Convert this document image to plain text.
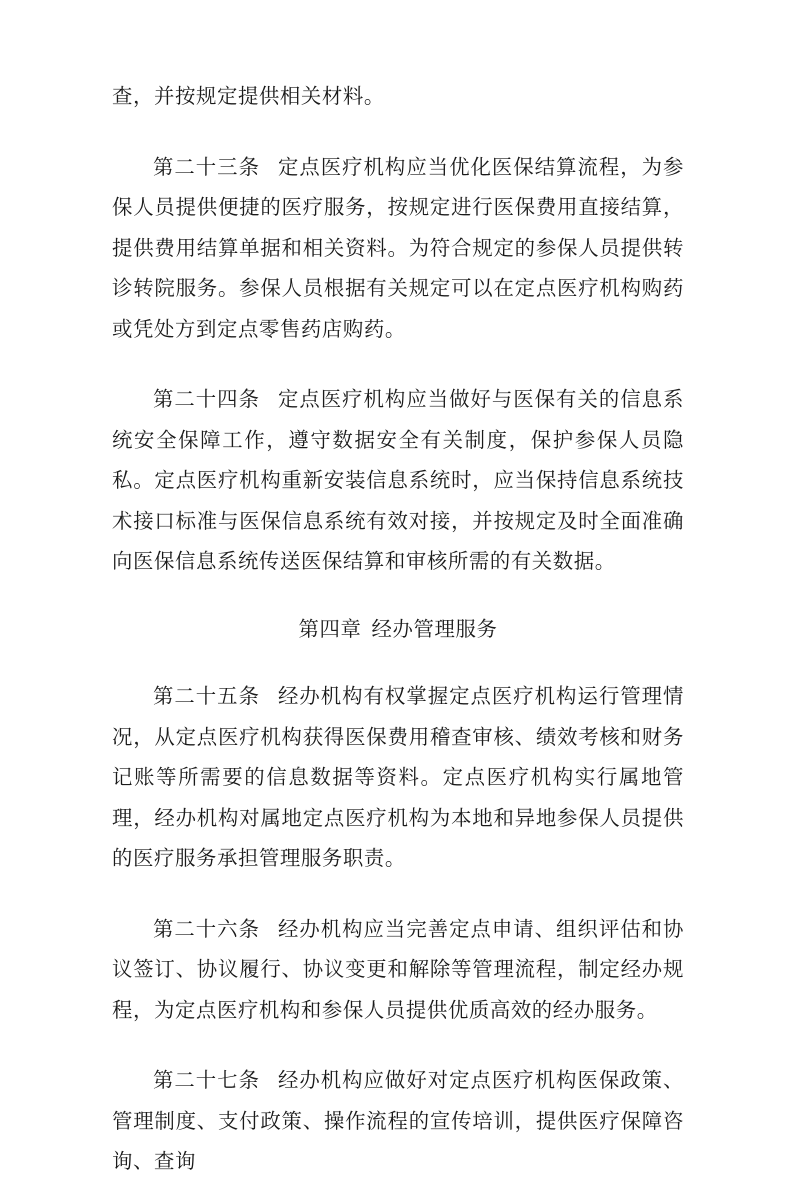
查，并按规定提供相关材料。

第二十三条 定点医疗机构应当优化医保结算流程，为参保人员提供便捷的医疗服务，按规定进行医保费用直接结算，提供费用结算单据和相关资料。为符合规定的参保人员提供转诊转院服务。参保人员根据有关规定可以在定点医疗机构购药或凭处方到定点零售药店购药。

第二十四条 定点医疗机构应当做好与医保有关的信息系统安全保障工作，遵守数据安全有关制度，保护参保人员隐私。定点医疗机构重新安装信息系统时，应当保持信息系统技术接口标准与医保信息系统有效对接，并按规定及时全面准确向医保信息系统传送医保结算和审核所需的有关数据。

第四章 经办管理服务

第二十五条 经办机构有权掌握定点医疗机构运行管理情况，从定点医疗机构获得医保费用稽查审核、绩效考核和财务记账等所需要的信息数据等资料。定点医疗机构实行属地管理，经办机构对属地定点医疗机构为本地和异地参保人员提供的医疗服务承担管理服务职责。

第二十六条 经办机构应当完善定点申请、组织评估和协议签订、协议履行、协议变更和解除等管理流程，制定经办规程，为定点医疗机构和参保人员提供优质高效的经办服务。

第二十七条 经办机构应做好对定点医疗机构医保政策、管理制度、支付政策、操作流程的宣传培训，提供医疗保障咨询、查询
